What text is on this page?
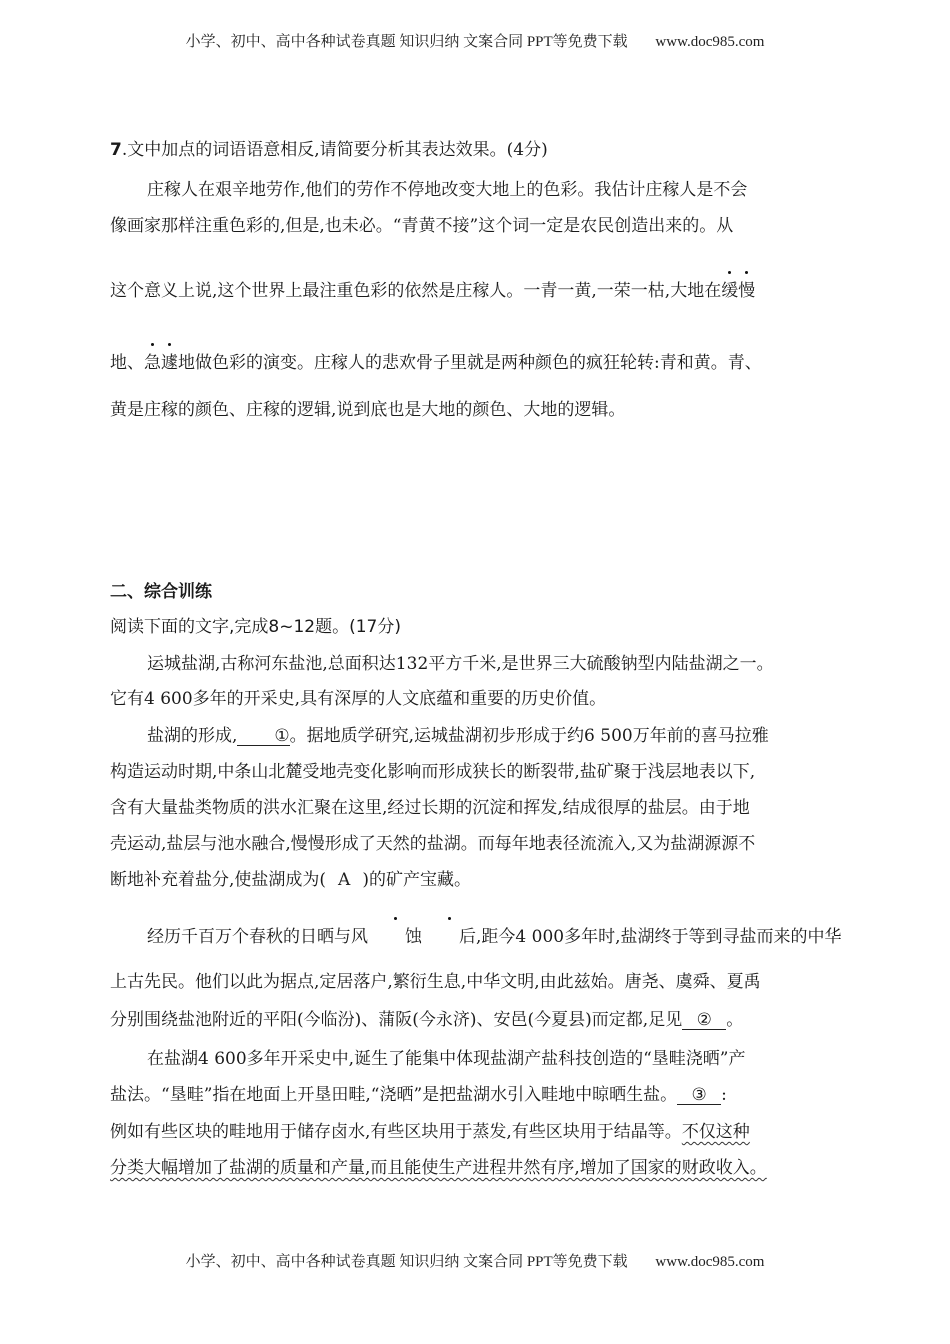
小学、初中、高中各种试卷真题 知识归纳 文案合同 PPT等免费下载 www.doc985.com
7.文中加点的词语语意相反,请简要分析其表达效果。(4分)
庄稼人在艰辛地劳作,他们的劳作不停地改变大地上的色彩。我估计庄稼人是不会
像画家那样注重色彩的,但是,也未必。“青黄不接”这个词一定是农民创造出来的。从
这个意义上说,这个世界上最注重色彩的依然是庄稼人。一青一黄,一荣一枯,大地在缓慢
地、急遽地做色彩的演变。庄稼人的悲欢骨子里就是两种颜色的疯狂轮转:青和黄。青、
黄是庄稼的颜色、庄稼的逻辑,说到底也是大地的颜色、大地的逻辑。
二、综合训练
阅读下面的文字,完成8~12题。(17分)
运城盐湖,古称河东盐池,总面积达132平方千米,是世界三大硫酸钠型内陆盐湖之一。
它有4 600多年的开采史,具有深厚的人文底蕴和重要的历史价值。
盐湖的形成, ①。据地质学研究,运城盐湖初步形成于约6 500万年前的喜马拉雅
构造运动时期,中条山北麓受地壳变化影响而形成狭长的断裂带,盐矿聚于浅层地表以下,
含有大量盐类物质的洪水汇聚在这里,经过长期的沉淀和挥发,结成很厚的盐层。由于地
壳运动,盐层与池水融合,慢慢形成了天然的盐湖。而每年地表径流流入,又为盐湖源源不
断地补充着盐分,使盐湖成为( A )的矿产宝藏。
经历千百万个春秋的日晒与风 蚀 后,距今4 000多年时,盐湖终于等到寻盐而来的中华
上古先民。他们以此为据点,定居落户,繁衍生息,中华文明,由此兹始。唐尧、虞舜、夏禹
分别围绕盐池附近的平阳(今临汾)、蒲阪(今永济)、安邑(今夏县)而定都,足见 ② 。
在盐湖4 600多年开采史中,诞生了能集中体现盐湖产盐科技创造的“垦畦浇晒”产
盐法。“垦畦”指在地面上开垦田畦,“浇晒”是把盐湖水引入畦地中晾晒生盐。 ③ :
例如有些区块的畦地用于储存卤水,有些区块用于蒸发,有些区块用于结晶等。不仅这种
分类大幅增加了盐湖的质量和产量,而且能使生产进程井然有序,增加了国家的财政收入。
小学、初中、高中各种试卷真题 知识归纳 文案合同 PPT等免费下载 www.doc985.com
